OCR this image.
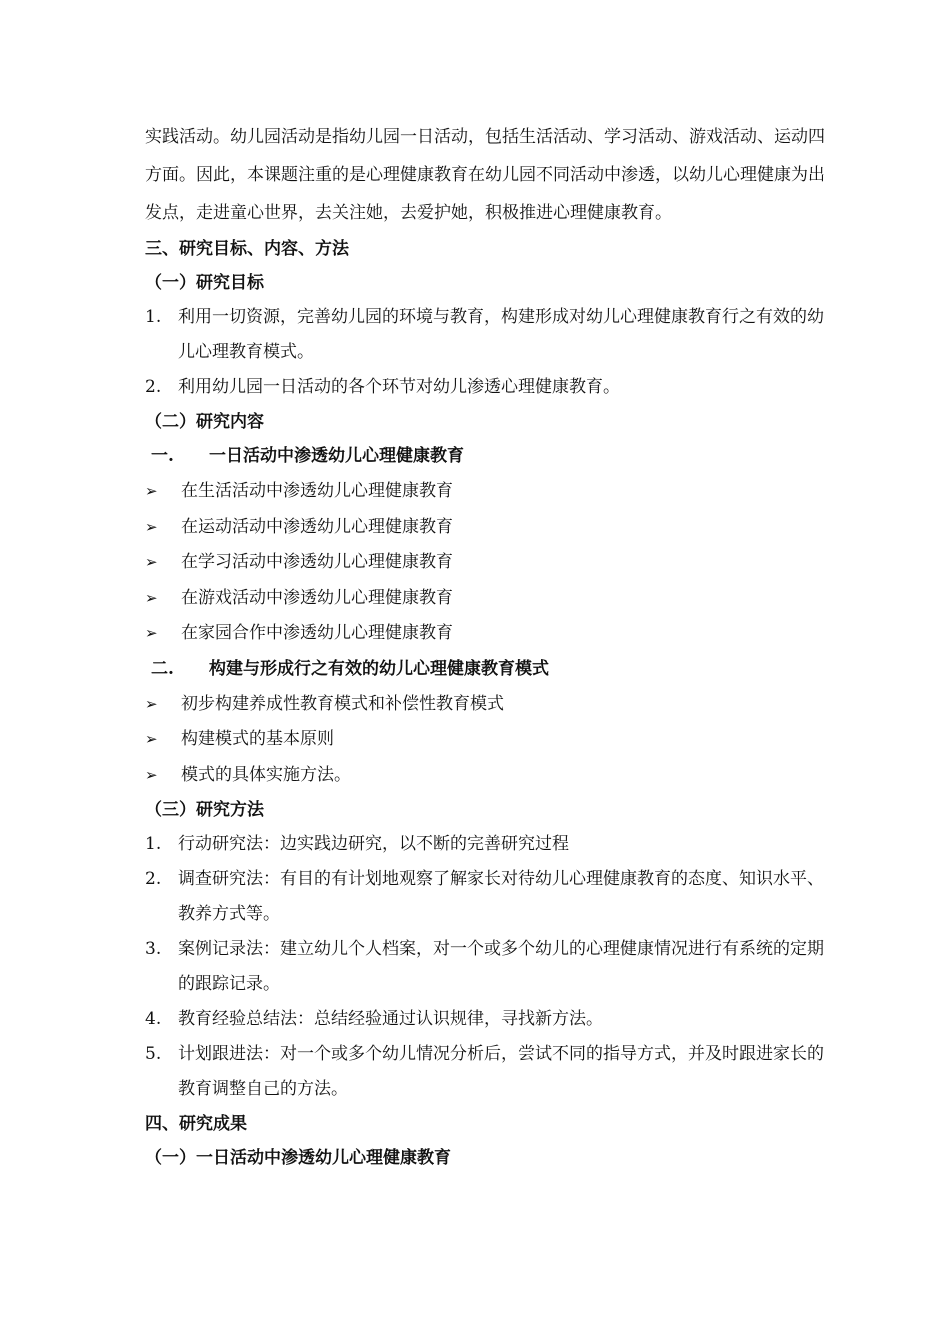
实践活动。幼儿园活动是指幼儿园一日活动，包括生活活动、学习活动、游戏活动、运动四方面。因此，本课题注重的是心理健康教育在幼儿园不同活动中渗透，以幼儿心理健康为出发点，走进童心世界，去关注她，去爱护她，积极推进心理健康教育。

三、研究目标、内容、方法

（一）研究目标

1. 利用一切资源，完善幼儿园的环境与教育，构建形成对幼儿心理健康教育行之有效的幼儿心理教育模式。
2. 利用幼儿园一日活动的各个环节对幼儿渗透心理健康教育。

（二）研究内容

一.	一日活动中渗透幼儿心理健康教育

➢	在生活活动中渗透幼儿心理健康教育
➢	在运动活动中渗透幼儿心理健康教育
➢	在学习活动中渗透幼儿心理健康教育
➢	在游戏活动中渗透幼儿心理健康教育
➢	在家园合作中渗透幼儿心理健康教育

二.	构建与形成行之有效的幼儿心理健康教育模式

➢	初步构建养成性教育模式和补偿性教育模式
➢	构建模式的基本原则
➢	模式的具体实施方法。

（三）研究方法

1. 行动研究法：边实践边研究，以不断的完善研究过程
2. 调查研究法：有目的有计划地观察了解家长对待幼儿心理健康教育的态度、知识水平、教养方式等。
3. 案例记录法：建立幼儿个人档案，对一个或多个幼儿的心理健康情况进行有系统的定期的跟踪记录。
4. 教育经验总结法：总结经验通过认识规律，寻找新方法。
5. 计划跟进法：对一个或多个幼儿情况分析后，尝试不同的指导方式，并及时跟进家长的教育调整自己的方法。

四、研究成果

（一）一日活动中渗透幼儿心理健康教育
